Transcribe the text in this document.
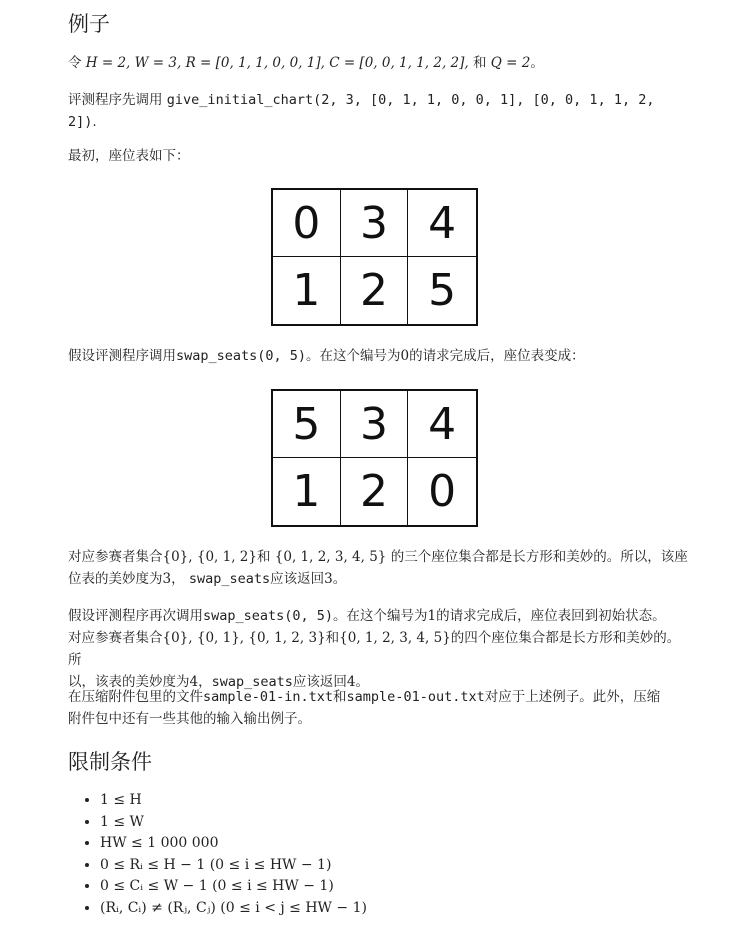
例子

令 H = 2, W = 3, R = [0, 1, 1, 0, 0, 1], C = [0, 0, 1, 1, 2, 2], 和 Q = 2。

评测程序先调用 give_initial_chart(2, 3, [0, 1, 1, 0, 0, 1], [0, 0, 1, 1, 2,
2]).

最初，座位表如下：

0 3 4
1 2 5

假设评测程序调用swap_seats(0, 5)。在这个编号为0的请求完成后，座位表变成：

5 3 4
1 2 0

对应参赛者集合{0}, {0, 1, 2}和 {0, 1, 2, 3, 4, 5} 的三个座位集合都是长方形和美妙的。所以，该座
位表的美妙度为3， swap_seats应该返回3。

假设评测程序再次调用swap_seats(0, 5)。在这个编号为1的请求完成后，座位表回到初始状态。
对应参赛者集合{0}, {0, 1}, {0, 1, 2, 3}和{0, 1, 2, 3, 4, 5}的四个座位集合都是长方形和美妙的。所
以，该表的美妙度为4，swap_seats应该返回4。

在压缩附件包里的文件sample-01-in.txt和sample-01-out.txt对应于上述例子。此外，压缩
附件包中还有一些其他的输入输出例子。

限制条件
• 1 ≤ H
• 1 ≤ W
• HW ≤ 1 000 000
• 0 ≤ Rᵢ ≤ H − 1 (0 ≤ i ≤ HW − 1)
• 0 ≤ Cᵢ ≤ W − 1 (0 ≤ i ≤ HW − 1)
• (Rᵢ, Cᵢ) ≠ (Rⱼ, Cⱼ) (0 ≤ i < j ≤ HW − 1)
